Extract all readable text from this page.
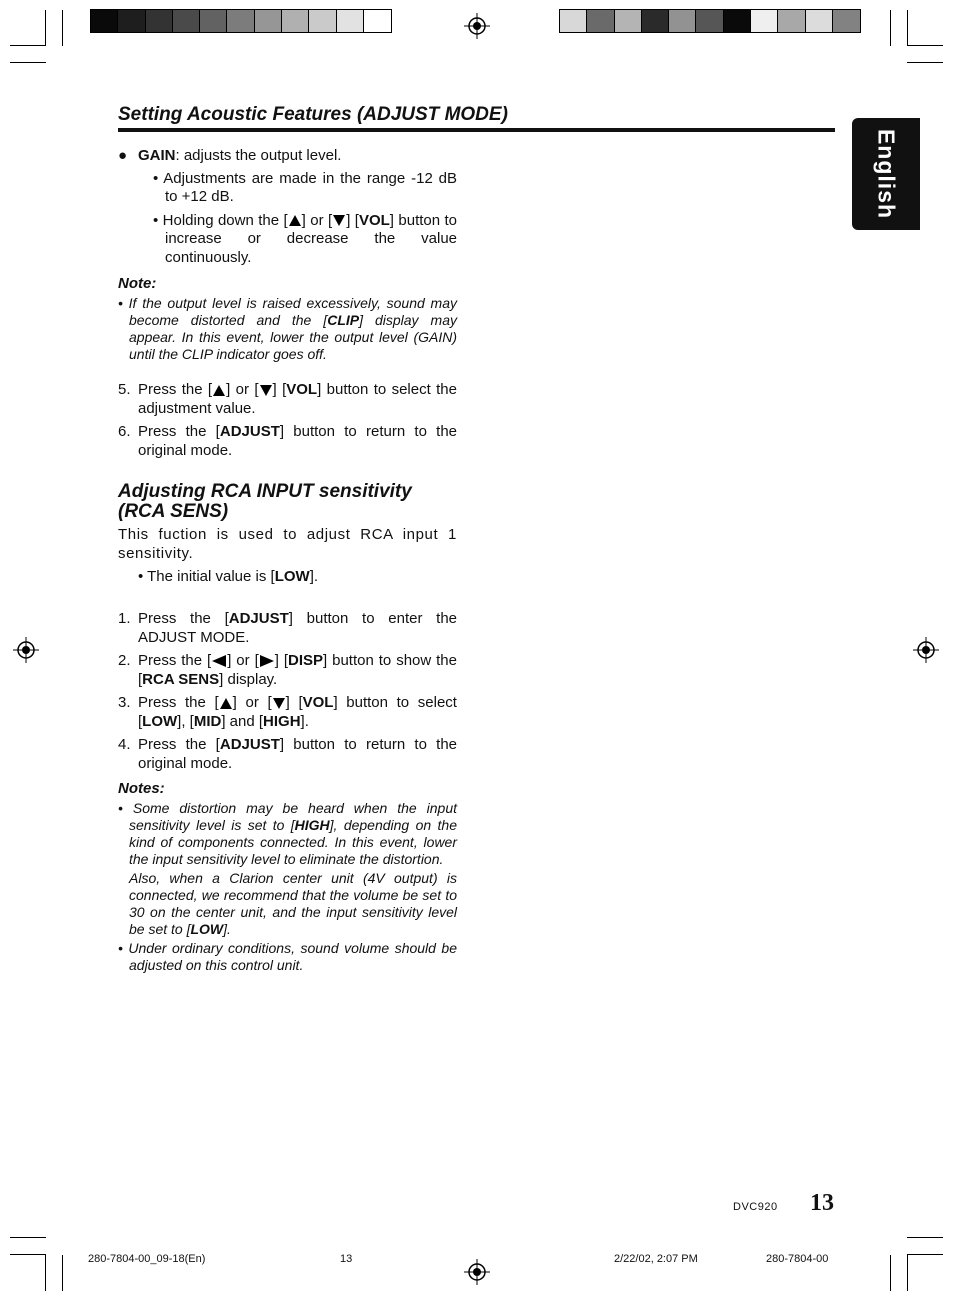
Setting Acoustic Features (ADJUST MODE)
English
● GAIN: adjusts the output level.
• Adjustments are made in the range -12 dB to +12 dB.
• Holding down the [ ] or [ ] [VOL] button to increase or decrease the value continuously.
Note:
• If the output level is raised excessively, sound may become distorted and the [CLIP] display may appear. In this event, lower the output level (GAIN) until the CLIP indicator goes off.
5. Press the [ ] or [ ] [VOL] button to select the adjustment value.
6. Press the [ADJUST] button to return to the original mode.
Adjusting RCA INPUT sensitivity
(RCA SENS)
This fuction is used to adjust RCA input 1 sensitivity.
• The initial value is [LOW].
1. Press the [ADJUST] button to enter the ADJUST MODE.
2. Press the [ ] or [ ] [DISP] button to show the [RCA SENS] display.
3. Press the [ ] or [ ] [VOL] button to select [LOW], [MID] and [HIGH].
4. Press the [ADJUST] button to return to the original mode.
Notes:
• Some distortion may be heard when the input sensitivity level is set to [HIGH], depending on the kind of components connected. In this event, lower the input sensitivity level to eliminate the distortion.
Also, when a Clarion center unit (4V output) is connected, we recommend that the volume be set to 30 on the center unit, and the input sensitivity level be set to [LOW].
• Under ordinary conditions, sound volume should be adjusted on this control unit.
DVC920 13
280-7804-00_09-18(En)	13	2/22/02, 2:07 PM	280-7804-00
